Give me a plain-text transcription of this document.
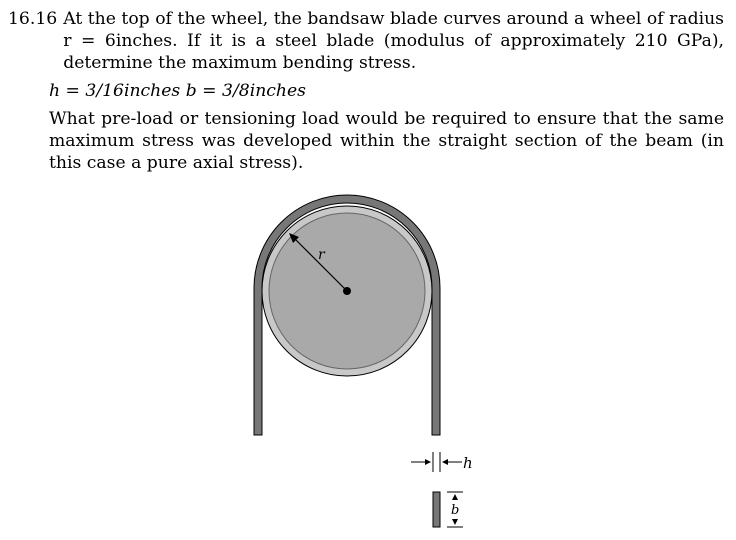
16.16 At the top of the wheel, the bandsaw blade curves around a wheel of radius r = 6inches. If it is a steel blade (modulus of approximately 210 GPa), determine the maximum bending stress.
h = 3/16inches b = 3/8inches
What pre-load or tensioning load would be required to ensure that the same maximum stress was developed within the straight section of the beam (in this case a pure axial stress).
r
h
b
